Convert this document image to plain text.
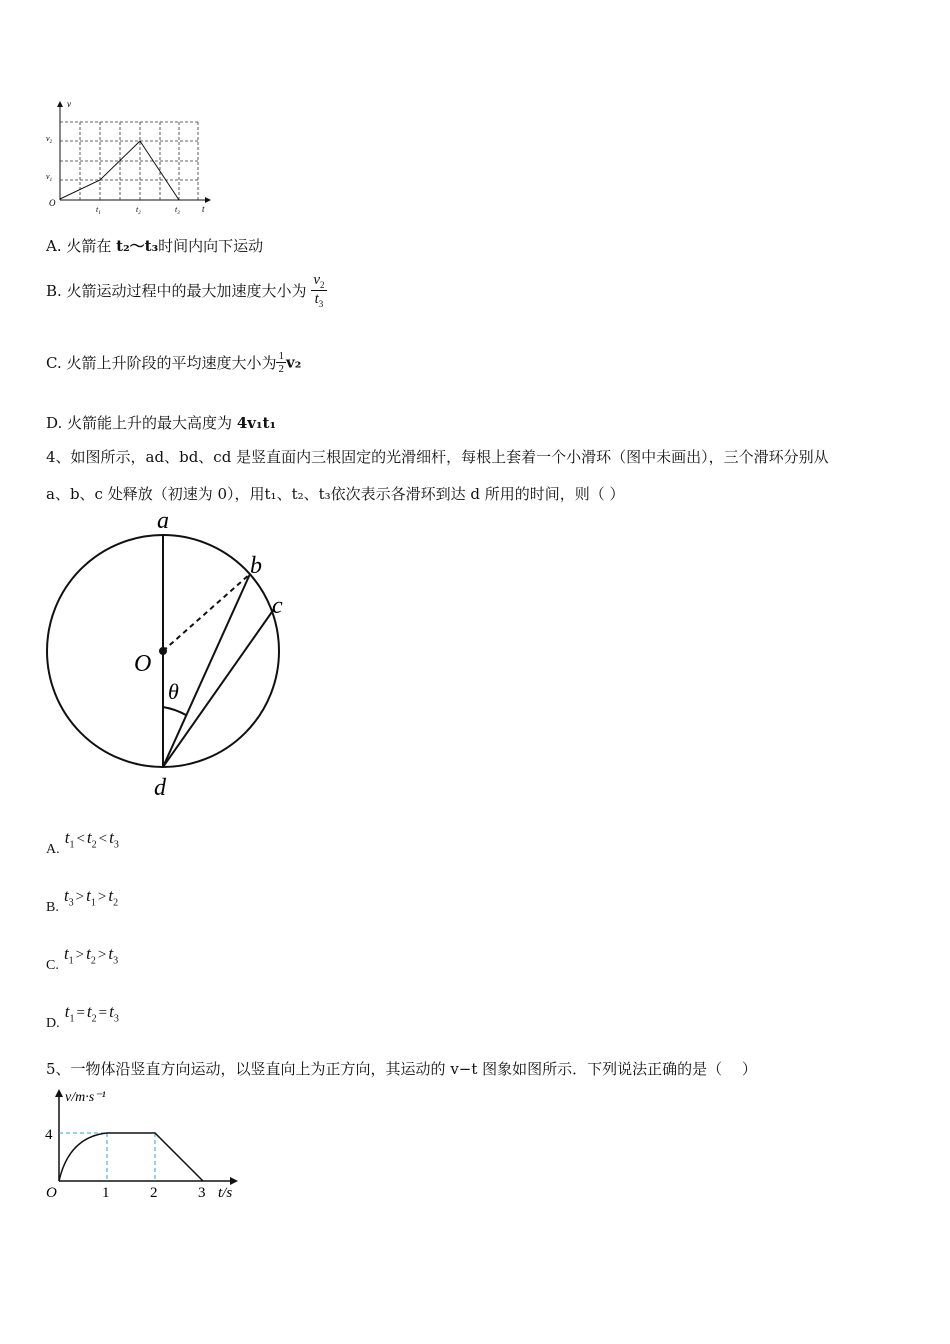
v
t
O
$v_2$
$v_1$
$t_1$	$t_2$	$t_3$
A. 火箭在 t₂～t₃时间内向下运动
B. 火箭运动过程中的最大加速度大小为 $\frac{v_2}{t_3}$
C. 火箭上升阶段的平均速度大小为 $\frac{1}{2} v_2$
D. 火箭能上升的最大高度为 4v₁t₁
4、如图所示，ad、bd、cd 是竖直面内三根固定的光滑细杆，每根上套着一个小滑环（图中未画出），三个滑环分别从
a、b、c 处释放（初速为 0），用t₁、t₂、t₃依次表示各滑环到达 d 所用的时间，则（ ）
a
b
c
d
O
θ
A. $t_1 < t_2 < t_3$
B. $t_3 > t_1 > t_2$
C. $t_1 > t_2 > t_3$
D. $t_1 = t_2 = t_3$
5、一物体沿竖直方向运动，以竖直向上为正方向，其运动的 v−t 图象如图所示．下列说法正确的是（　 ）
v/m·s⁻¹
4
O	1	2	3 t/s
